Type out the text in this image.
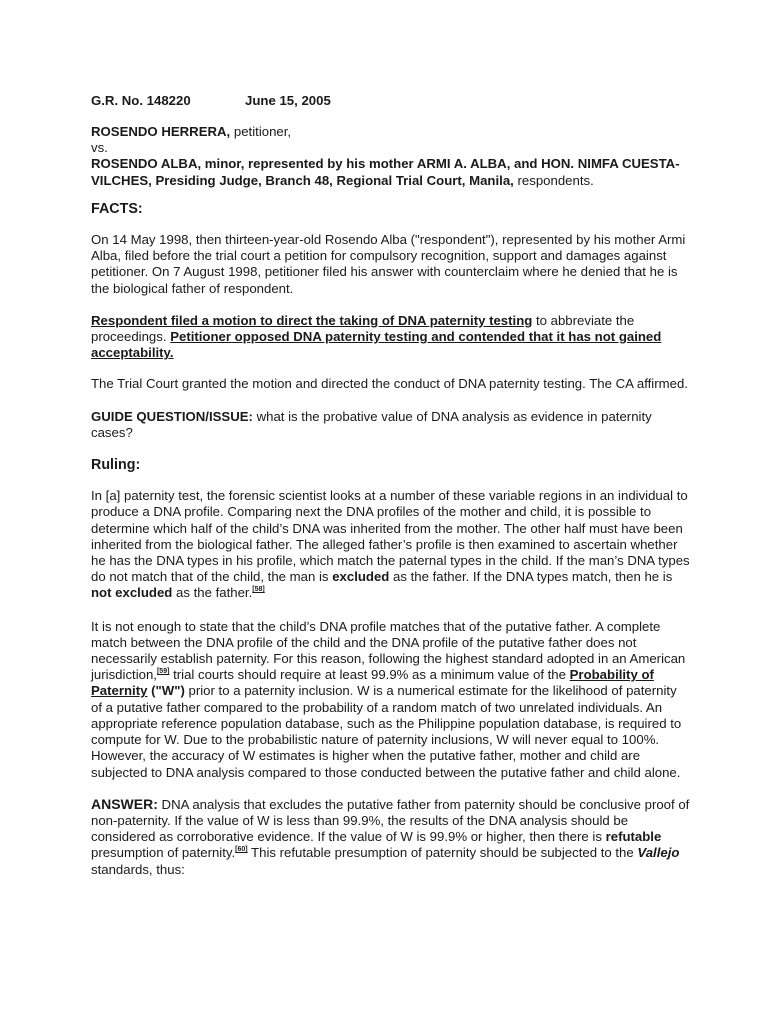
G.R. No. 148220	June 15, 2005

ROSENDO HERRERA, petitioner,

vs.

ROSENDO ALBA, minor, represented by his mother ARMI A. ALBA, and HON. NIMFA CUESTA-VILCHES, Presiding Judge, Branch 48, Regional Trial Court, Manila, respondents.

FACTS:

On 14 May 1998, then thirteen-year-old Rosendo Alba ("respondent"), represented by his mother Armi Alba, filed before the trial court a petition for compulsory recognition, support and damages against petitioner. On 7 August 1998, petitioner filed his answer with counterclaim where he denied that he is the biological father of respondent.

Respondent filed a motion to direct the taking of DNA paternity testing to abbreviate the proceedings. Petitioner opposed DNA paternity testing and contended that it has not gained acceptability.

The Trial Court granted the motion and directed the conduct of DNA paternity testing. The CA affirmed.

GUIDE QUESTION/ISSUE: what is the probative value of DNA analysis as evidence in paternity cases?

Ruling:

In [a] paternity test, the forensic scientist looks at a number of these variable regions in an individual to produce a DNA profile. Comparing next the DNA profiles of the mother and child, it is possible to determine which half of the child’s DNA was inherited from the mother. The other half must have been inherited from the biological father. The alleged father’s profile is then examined to ascertain whether he has the DNA types in his profile, which match the paternal types in the child. If the man’s DNA types do not match that of the child, the man is excluded as the father. If the DNA types match, then he is not excluded as the father.[58]

It is not enough to state that the child’s DNA profile matches that of the putative father. A complete match between the DNA profile of the child and the DNA profile of the putative father does not necessarily establish paternity. For this reason, following the highest standard adopted in an American jurisdiction,[59] trial courts should require at least 99.9% as a minimum value of the Probability of Paternity ("W") prior to a paternity inclusion. W is a numerical estimate for the likelihood of paternity of a putative father compared to the probability of a random match of two unrelated individuals. An appropriate reference population database, such as the Philippine population database, is required to compute for W. Due to the probabilistic nature of paternity inclusions, W will never equal to 100%. However, the accuracy of W estimates is higher when the putative father, mother and child are subjected to DNA analysis compared to those conducted between the putative father and child alone.

ANSWER: DNA analysis that excludes the putative father from paternity should be conclusive proof of non-paternity. If the value of W is less than 99.9%, the results of the DNA analysis should be considered as corroborative evidence. If the value of W is 99.9% or higher, then there is refutable presumption of paternity.[60] This refutable presumption of paternity should be subjected to the Vallejo standards, thus:
